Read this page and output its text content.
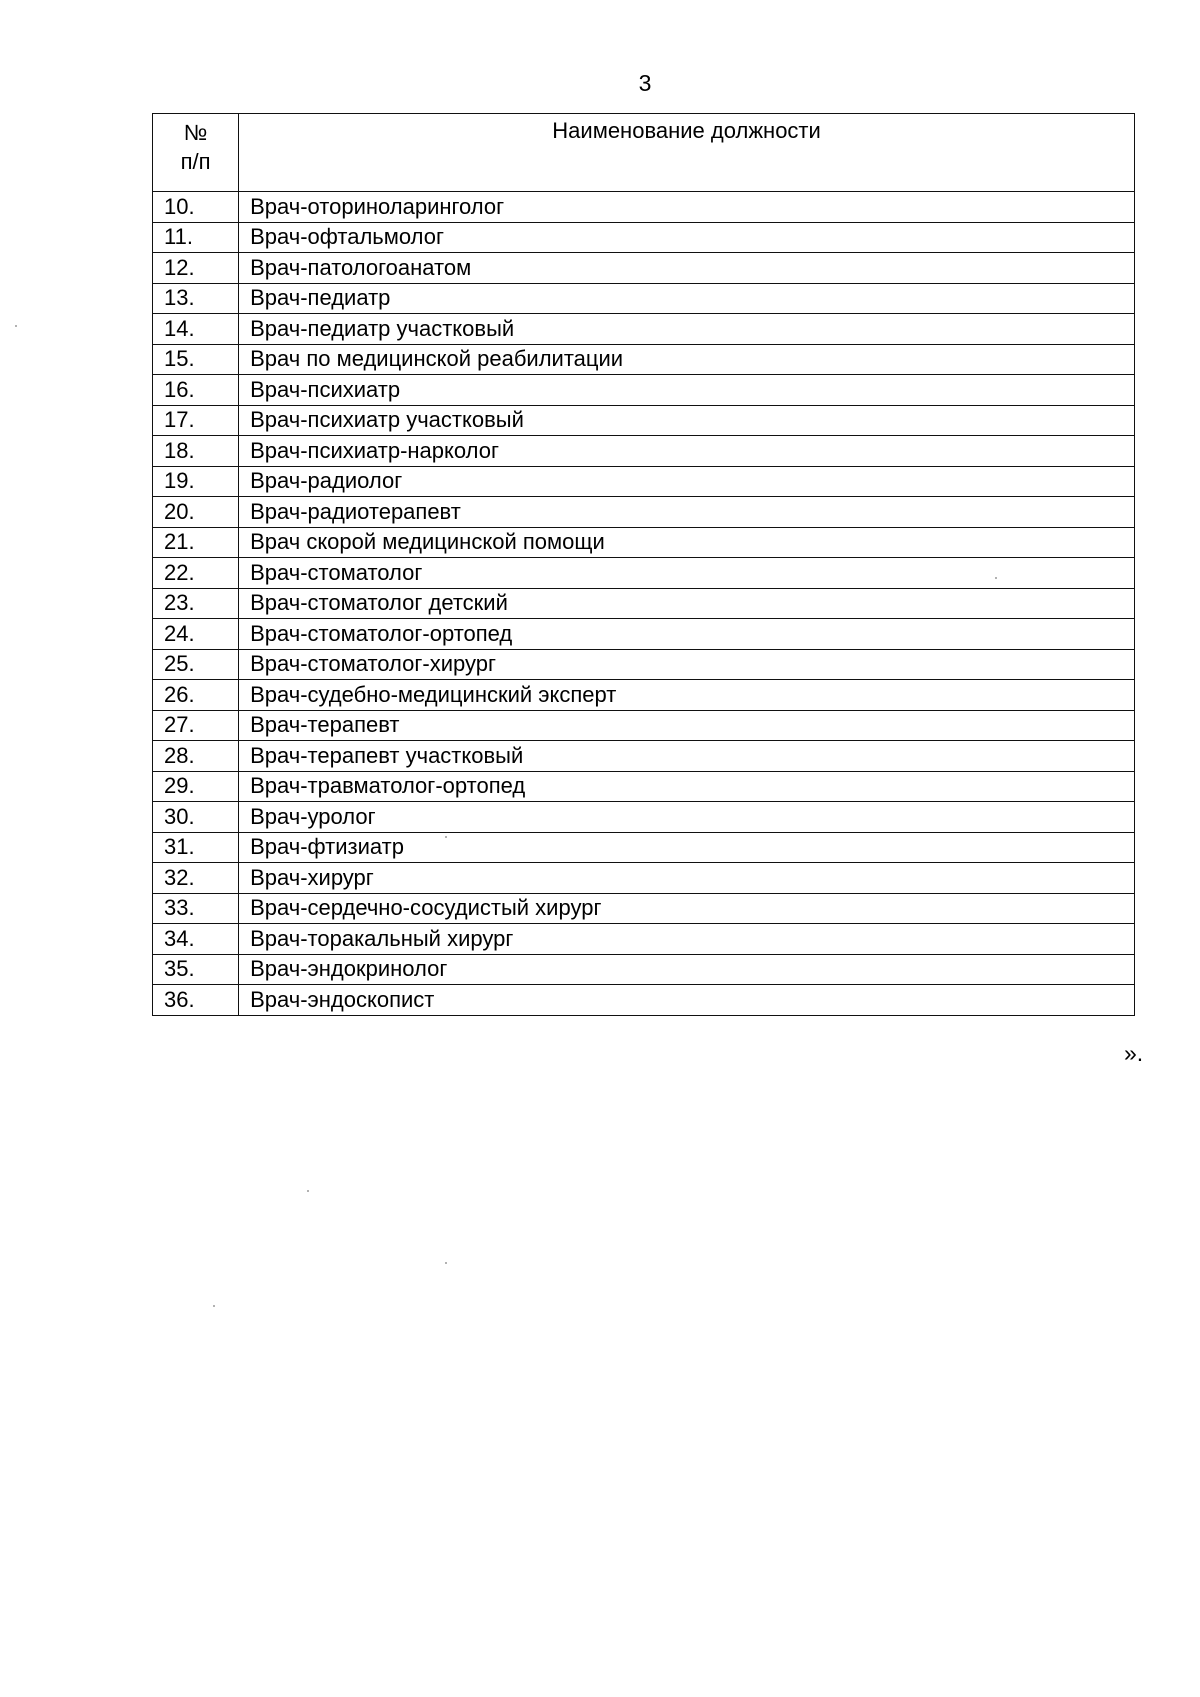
3
№
п/п	Наименование должности
10.	Врач-оториноларинголог
11.	Врач-офтальмолог
12.	Врач-патологоанатом
13.	Врач-педиатр
14.	Врач-педиатр участковый
15.	Врач по медицинской реабилитации
16.	Врач-психиатр
17.	Врач-психиатр участковый
18.	Врач-психиатр-нарколог
19.	Врач-радиолог
20.	Врач-радиотерапевт
21.	Врач скорой медицинской помощи
22.	Врач-стоматолог
23.	Врач-стоматолог детский
24.	Врач-стоматолог-ортопед
25.	Врач-стоматолог-хирург
26.	Врач-судебно-медицинский эксперт
27.	Врач-терапевт
28.	Врач-терапевт участковый
29.	Врач-травматолог-ортопед
30.	Врач-уролог
31.	Врач-фтизиатр
32.	Врач-хирург
33.	Врач-сердечно-сосудистый хирург
34.	Врач-торакальный хирург
35.	Врач-эндокринолог
36.	Врач-эндоскопист
».
